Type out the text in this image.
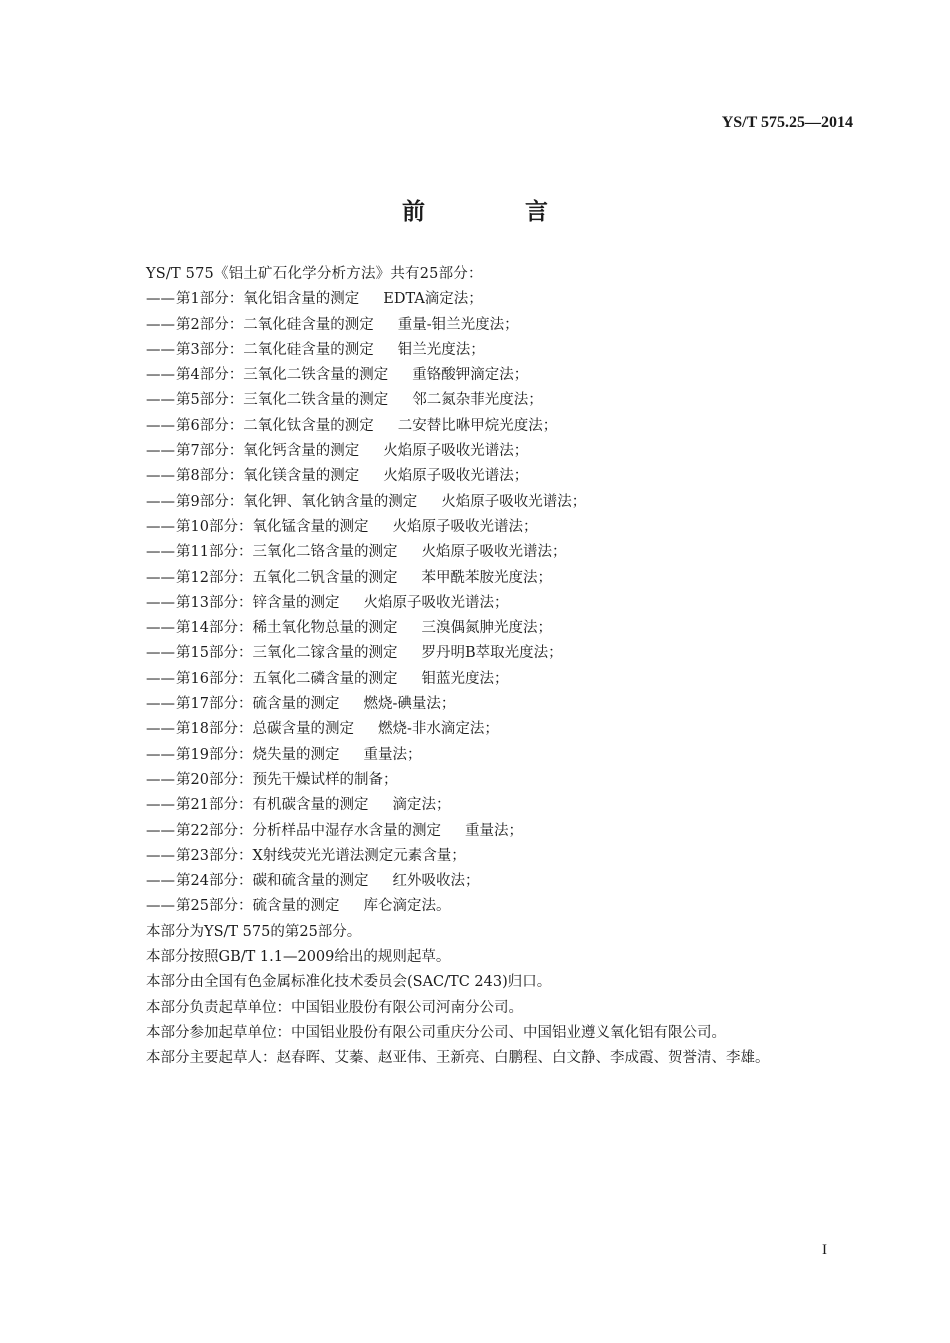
YS/T 575.25—2014
前 言
YS/T 575《铝土矿石化学分析方法》共有25部分：
——第1部分：氧化铝含量的测定 EDTA滴定法；
——第2部分：二氧化硅含量的测定 重量-钼兰光度法；
——第3部分：二氧化硅含量的测定 钼兰光度法；
——第4部分：三氧化二铁含量的测定 重铬酸钾滴定法；
——第5部分：三氧化二铁含量的测定 邻二氮杂菲光度法；
——第6部分：二氧化钛含量的测定 二安替比咻甲烷光度法；
——第7部分：氧化钙含量的测定 火焰原子吸收光谱法；
——第8部分：氧化镁含量的测定 火焰原子吸收光谱法；
——第9部分：氧化钾、氧化钠含量的测定 火焰原子吸收光谱法；
——第10部分：氧化锰含量的测定 火焰原子吸收光谱法；
——第11部分：三氧化二铬含量的测定 火焰原子吸收光谱法；
——第12部分：五氧化二钒含量的测定 苯甲酰苯胺光度法；
——第13部分：锌含量的测定 火焰原子吸收光谱法；
——第14部分：稀土氧化物总量的测定 三溴偶氮胂光度法；
——第15部分：三氧化二镓含量的测定 罗丹明B萃取光度法；
——第16部分：五氧化二磷含量的测定 钼蓝光度法；
——第17部分：硫含量的测定 燃烧-碘量法；
——第18部分：总碳含量的测定 燃烧-非水滴定法；
——第19部分：烧失量的测定 重量法；
——第20部分：预先干燥试样的制备；
——第21部分：有机碳含量的测定 滴定法；
——第22部分：分析样品中湿存水含量的测定 重量法；
——第23部分：X射线荧光光谱法测定元素含量；
——第24部分：碳和硫含量的测定 红外吸收法；
——第25部分：硫含量的测定 库仑滴定法。
本部分为YS/T 575的第25部分。
本部分按照GB/T 1.1—2009给出的规则起草。
本部分由全国有色金属标准化技术委员会(SAC/TC 243)归口。
本部分负责起草单位：中国铝业股份有限公司河南分公司。
本部分参加起草单位：中国铝业股份有限公司重庆分公司、中国铝业遵义氧化铝有限公司。
本部分主要起草人：赵春晖、艾蓁、赵亚伟、王新亮、白鹏程、白文静、李成霞、贺誉清、李雄。
I
